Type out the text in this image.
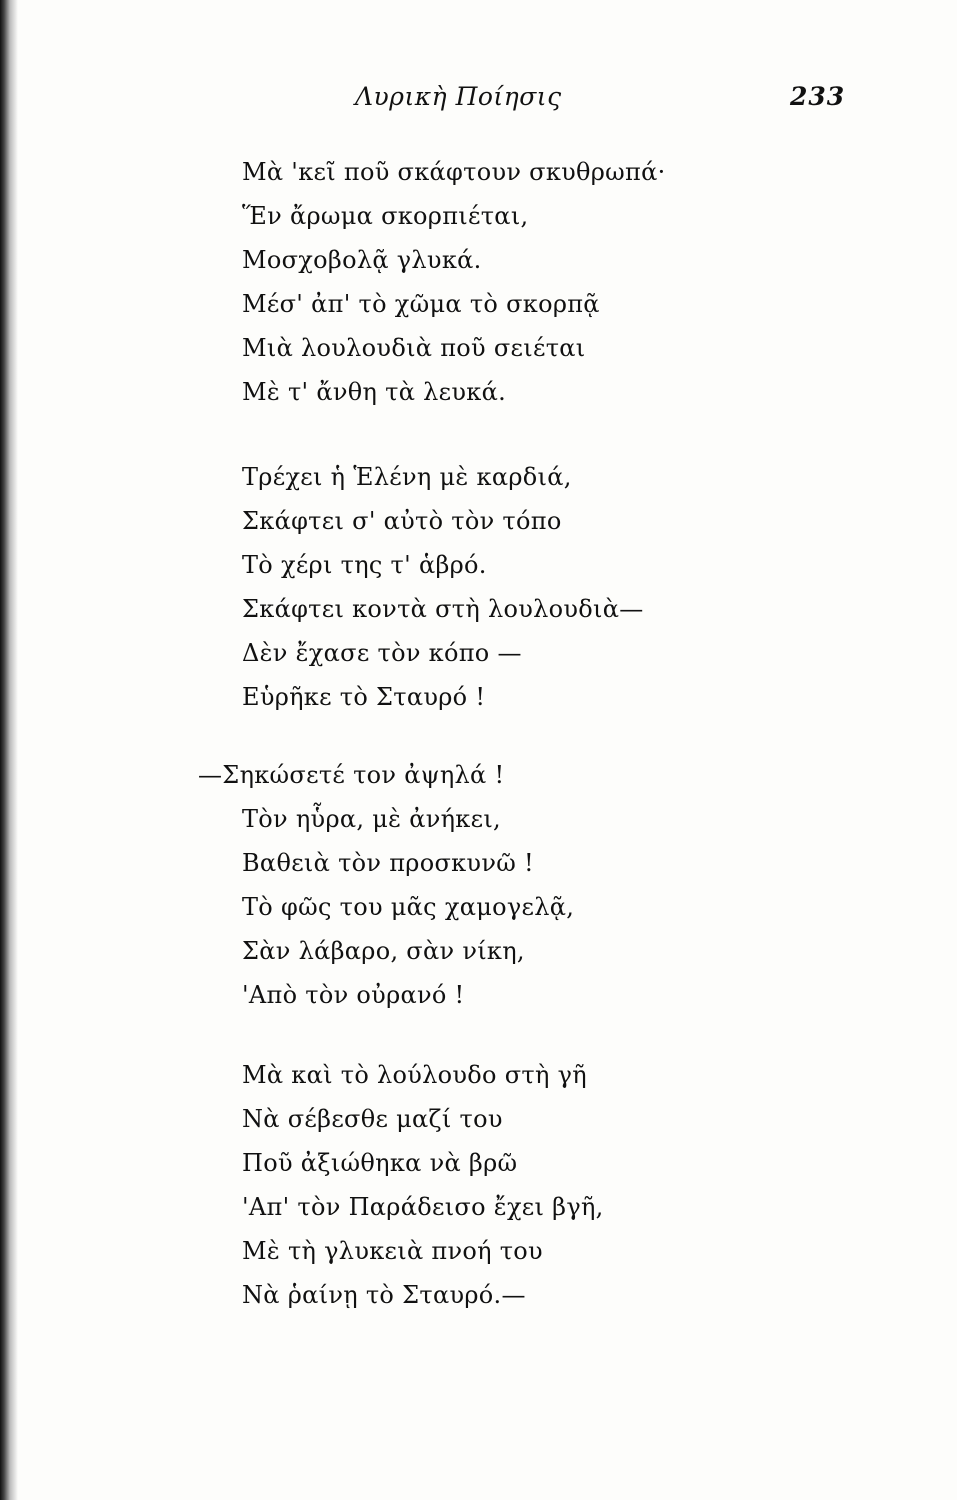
Λυρικὴ Ποίησις	233
Μὰ 'κεῖ ποῦ σκάφτουν σκυθρωπά·
Ἕν ἄρωμα σκορπιέται,
Μοσχοβολᾷ γλυκά.
Μέσ' ἀπ' τὸ χῶμα τὸ σκορπᾷ
Μιὰ λουλουδιὰ ποῦ σειέται
Μὲ τ' ἄνθη τὰ λευκά.
Τρέχει ἡ Ἑλένη μὲ καρδιά,
Σκάφτει σ' αὐτὸ τὸν τόπο
Τὸ χέρι της τ' ἁβρό.
Σκάφτει κοντὰ στὴ λουλουδιὰ—
Δὲν ἔχασε τὸν κόπο —
Εὑρῆκε τὸ Σταυρό !
—Σηκώσετέ τον ἀψηλά !
Τὸν ηὗρα, μὲ ἀνήκει,
Βαθειὰ τὸν προσκυνῶ !
Τὸ φῶς του μᾶς χαμογελᾷ,
Σὰν λάβαρο, σὰν νίκη,
'Απὸ τὸν οὐρανό !
Μὰ καὶ τὸ λούλουδο στὴ γῆ
Νὰ σέβεσθε μαζί του
Ποῦ ἀξιώθηκα νὰ βρῶ
'Απ' τὸν Παράδεισο ἔχει βγῆ,
Μὲ τὴ γλυκειὰ πνοή του
Νὰ ῥαίνῃ τὸ Σταυρό.—
